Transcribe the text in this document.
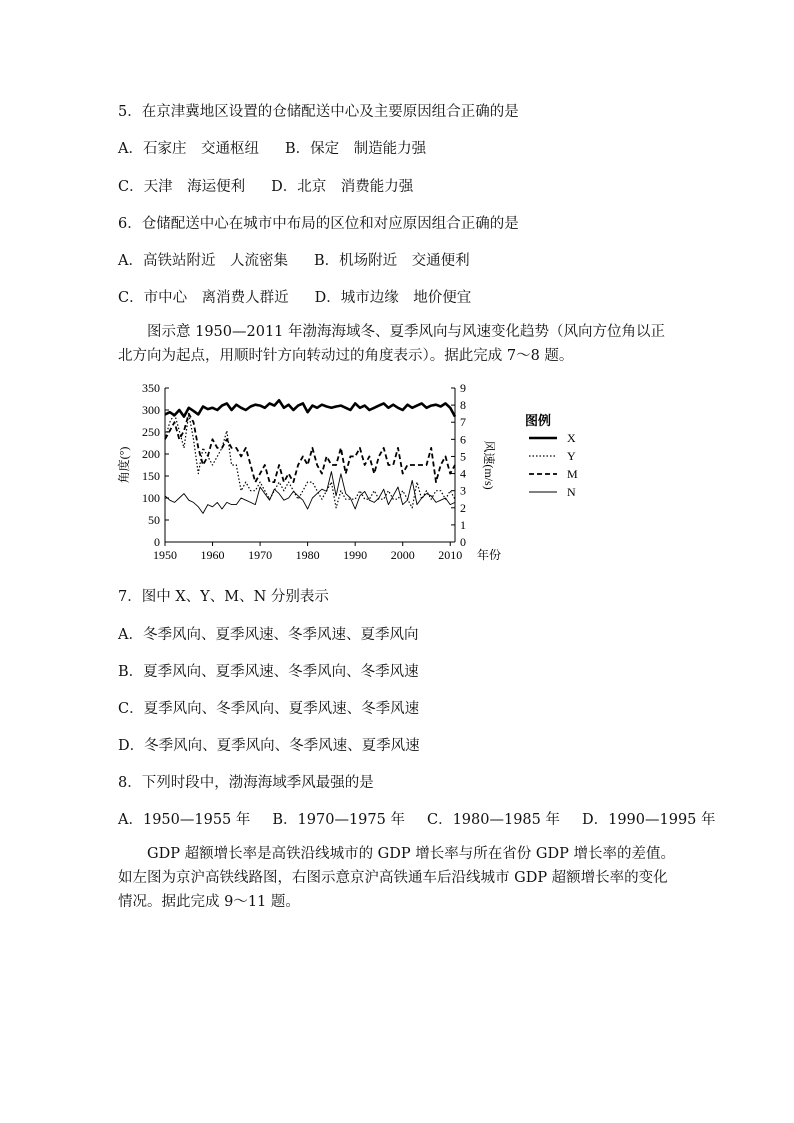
5．在京津冀地区设置的仓储配送中心及主要原因组合正确的是
A．石家庄　交通枢纽 B．保定　制造能力强
C．天津　海运便利 D．北京　消费能力强
6．仓储配送中心在城市中布局的区位和对应原因组合正确的是
A．高铁站附近　人流密集 B．机场附近　交通便利
C．市中心　离消费人群近 D．城市边缘　地价便宜
图示意 1950—2011 年渤海海域冬、夏季风向与风速变化趋势（风向方位角以正北方向为起点，用顺时针方向转动过的角度表示）。据此完成 7～8 题。
0
50
100
150
200
250
300
350
0
1
2
3
4
5
6
7
8
9
1950 1960 1970 1980 1990 2000 2010 年份
角度(°)	风速(m/s)
图例
X
Y
M
N
7．图中 X、Y、M、N 分别表示
A．冬季风向、夏季风速、冬季风速、夏季风向
B．夏季风向、夏季风速、冬季风向、冬季风速
C．夏季风向、冬季风向、夏季风速、冬季风速
D．冬季风向、夏季风向、冬季风速、夏季风速
8．下列时段中，渤海海域季风最强的是
A．1950—1955 年 B．1970—1975 年 C．1980—1985 年 D．1990—1995 年
GDP 超额增长率是高铁沿线城市的 GDP 增长率与所在省份 GDP 增长率的差值。如左图为京沪高铁线路图，右图示意京沪高铁通车后沿线城市 GDP 超额增长率的变化情况。据此完成 9～11 题。
